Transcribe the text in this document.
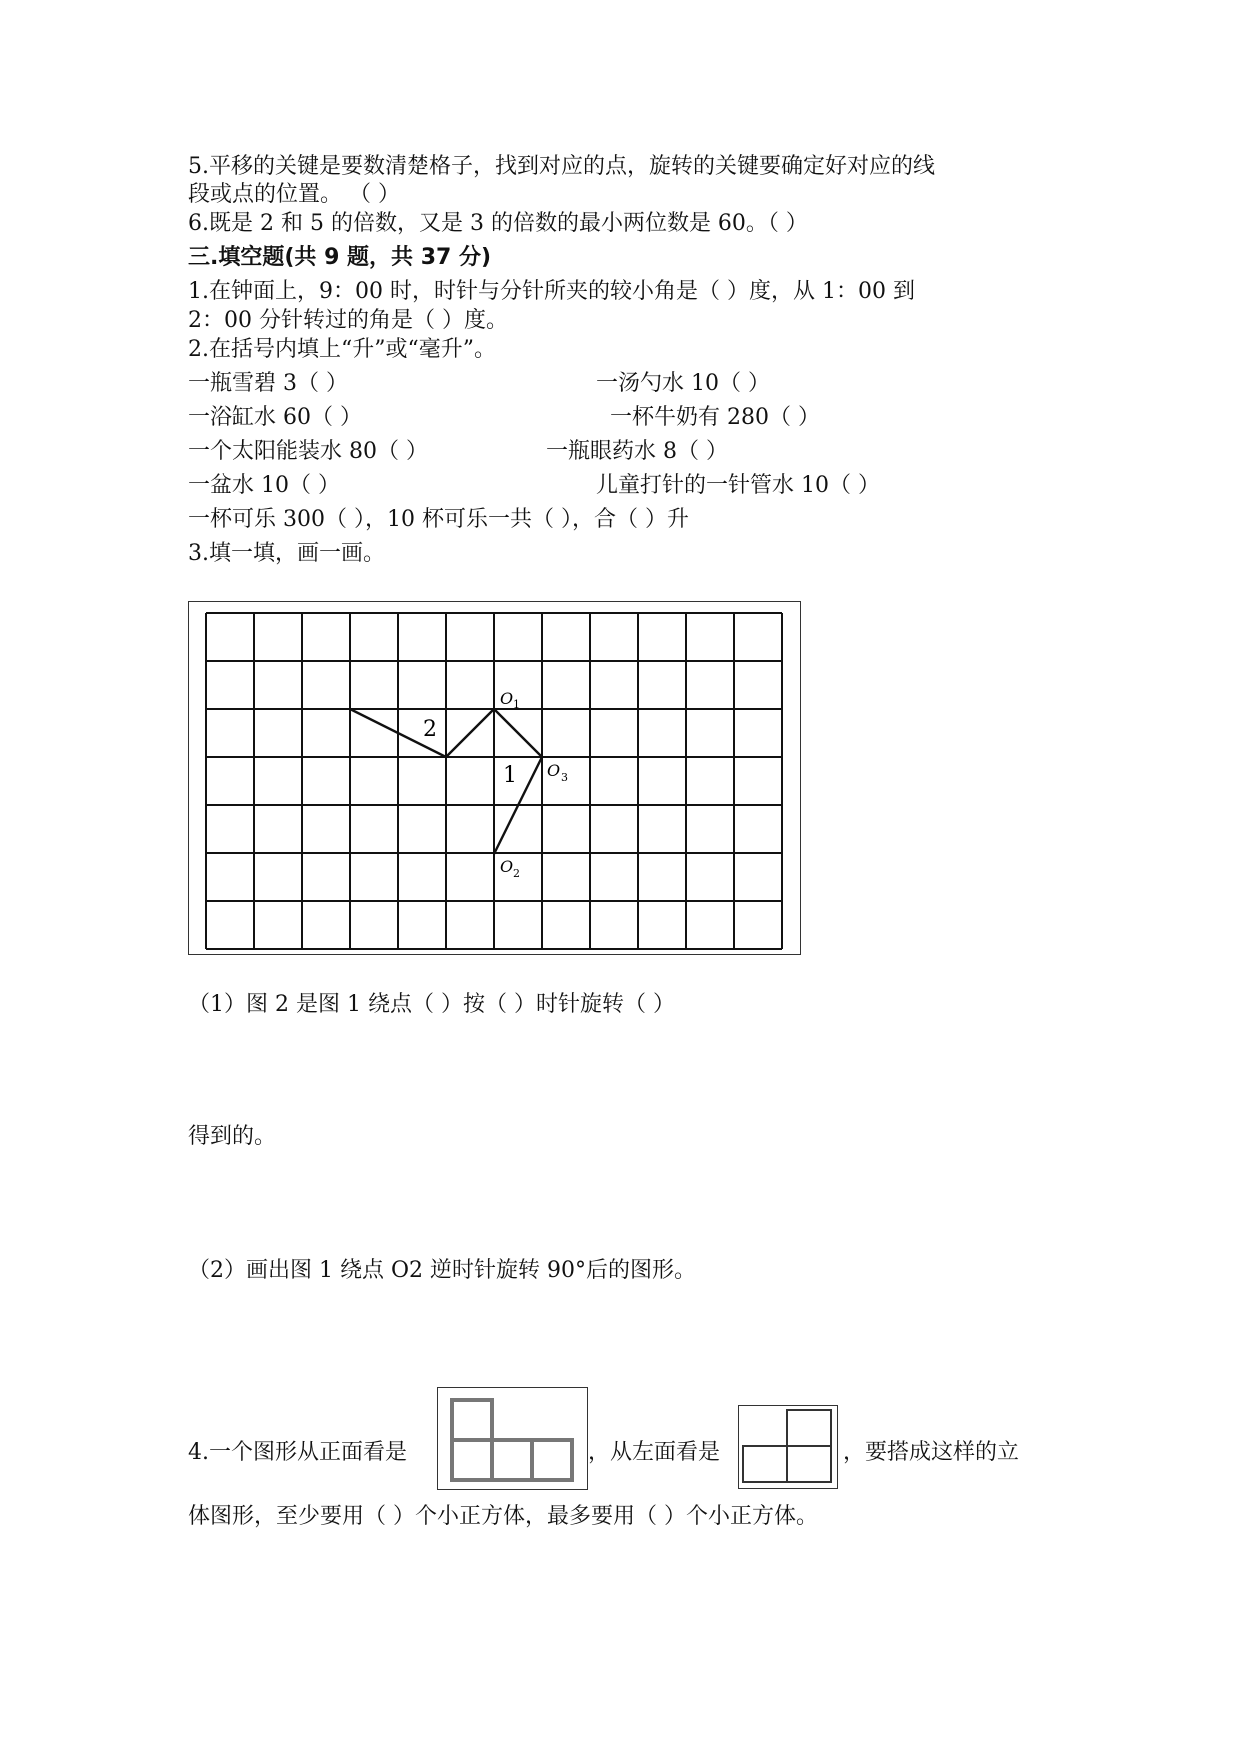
5.平移的关键是要数清楚格子，找到对应的点，旋转的关键要确定好对应的线

段或点的位置。 （ ）

6.既是 2 和 5 的倍数，又是 3 的倍数的最小两位数是 60。（ ）

三.填空题(共 9 题，共 37 分)

1.在钟面上，9：00 时，时针与分针所夹的较小角是（ ）度，从 1：00 到

2：00 分针转过的角是（ ）度。

2.在括号内填上“升”或“毫升”。

一瓶雪碧 3（ ）	一汤勺水 10（ ）

一浴缸水 60（ ）	一杯牛奶有 280（ ）

一个太阳能装水 80（ ）	一瓶眼药水 8（ ）

一盆水 10（ ）	儿童打针的一针管水 10（ ）

一杯可乐 300（ ），10 杯可乐一共（ ），合（ ）升

3.填一填，画一画。

2
1
O 1
O 3
O 2

（1）图 2 是图 1 绕点（ ）按（ ）时针旋转（ ）

得到的。

（2）画出图 1 绕点 O2 逆时针旋转 90°后的图形。

4.一个图形从正面看是	，从左面看是	，要搭成这样的立

体图形，至少要用（ ）个小正方体，最多要用（ ）个小正方体。
